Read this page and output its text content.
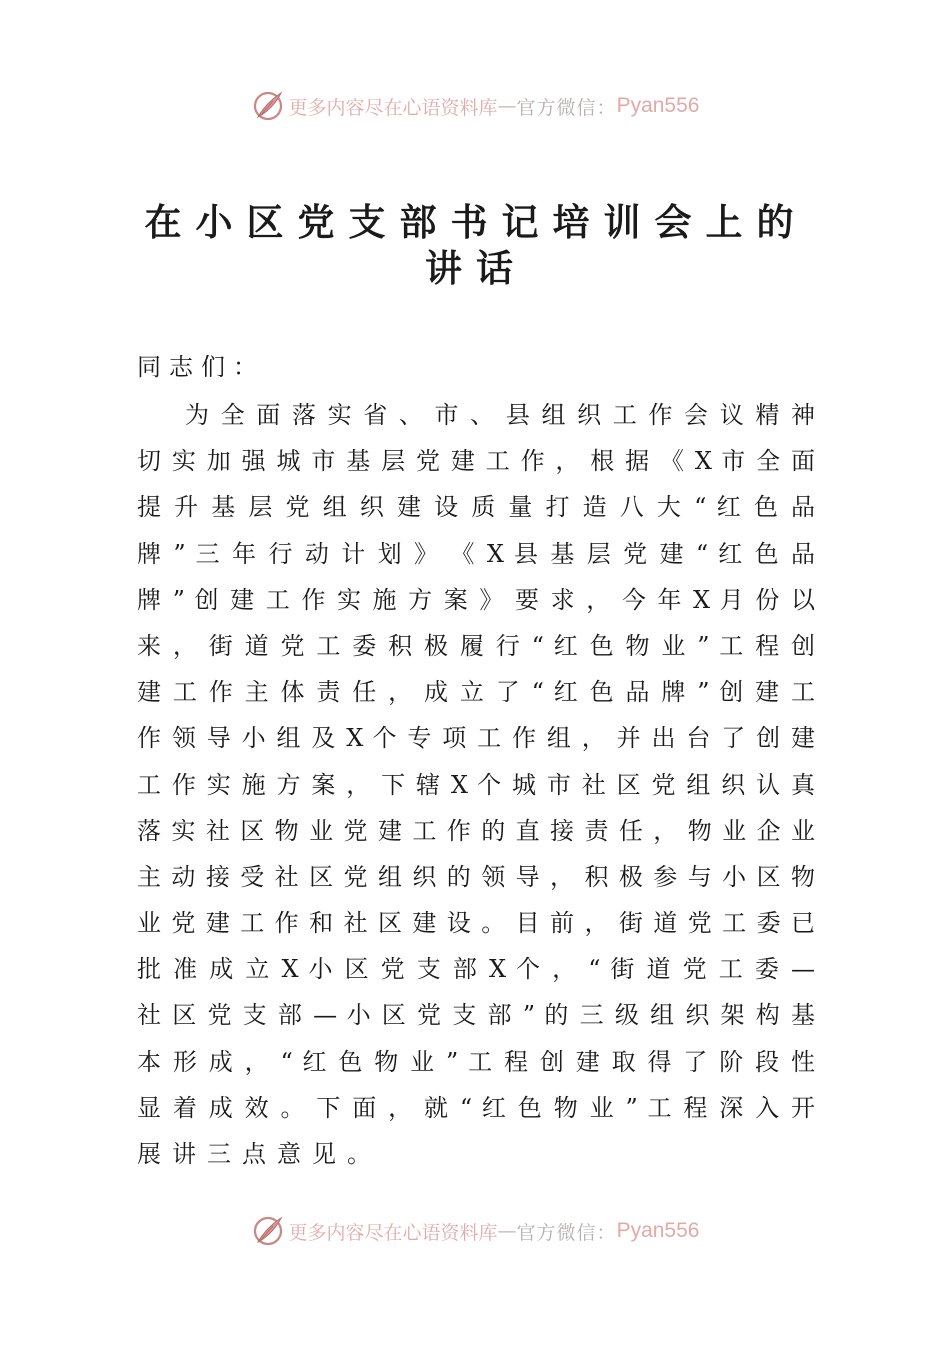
更多内容尽在心语资料库 — 官方微信： Pyan556
在小区党支部书记培训会上的
讲话
同志们：
为​ 全​ 面​ 落​ 实​ 省​ 、​ 市​ 、​ 县​ 组​ 织​ 工​ 作​ 会​ 议​ 精​ 神
切​ 实​ 加​ 强​ 城​ 市​ 基​ 层​ 党​ 建​ 工​ 作​ ，​ 根​ 据​ 《​ X​ 市​ 全​ 面
提​ 升​ 基​ 层​ 党​ 组​ 织​ 建​ 设​ 质​ 量​ 打​ 造​ 八​ 大​ “​ 红​ 色​ 品
牌​ ”​ 三​ 年​ 行​ 动​ 计​ 划​ 》​ 《​ X​ 县​ 基​ 层​ 党​ 建​ “​ 红​ 色​ 品
牌​ ”​ 创​ 建​ 工​ 作​ 实​ 施​ 方​ 案​ 》​ 要​ 求​ ，​ 今​ 年​ X​ 月​ 份​ 以
来​ ，​ 街​ 道​ 党​ 工​ 委​ 积​ 极​ 履​ 行​ “​ 红​ 色​ 物​ 业​ ”​ 工​ 程​ 创
建​ 工​ 作​ 主​ 体​ 责​ 任​ ，​ 成​ 立​ 了​ “​ 红​ 色​ 品​ 牌​ ”​ 创​ 建​ 工
作​ 领​ 导​ 小​ 组​ 及​ X​ 个​ 专​ 项​ 工​ 作​ 组​ ，​ 并​ 出​ 台​ 了​ 创​ 建
工​ 作​ 实​ 施​ 方​ 案​ ，​ 下​ 辖​ X​ 个​ 城​ 市​ 社​ 区​ 党​ 组​ 织​ 认​ 真
落​ 实​ 社​ 区​ 物​ 业​ 党​ 建​ 工​ 作​ 的​ 直​ 接​ 责​ 任​ ，​ 物​ 业​ 企​ 业
主​ 动​ 接​ 受​ 社​ 区​ 党​ 组​ 织​ 的​ 领​ 导​ ，​ 积​ 极​ 参​ 与​ 小​ 区​ 物
业​ 党​ 建​ 工​ 作​ 和​ 社​ 区​ 建​ 设​ 。​ 目​ 前​ ，​ 街​ 道​ 党​ 工​ 委​ 已
批​ 准​ 成​ 立​ X​ 小​ 区​ 党​ 支​ 部​ X​ 个​ ，​ “​ 街​ 道​ 党​ 工​ 委​ —
社​ 区​ 党​ 支​ 部​ —​ 小​ 区​ 党​ 支​ 部​ ”​ 的​ 三​ 级​ 组​ 织​ 架​ 构​ 基
本​ 形​ 成​ ，​ “​ 红​ 色​ 物​ 业​ ”​ 工​ 程​ 创​ 建​ 取​ 得​ 了​ 阶​ 段​ 性
显​ 着​ 成​ 效​ 。​ 下​ 面​ ，​ 就​ “​ 红​ 色​ 物​ 业​ ”​ 工​ 程​ 深​ 入​ 开
展讲三点意见。
更多内容尽在心语资料库 — 官方微信： Pyan556
